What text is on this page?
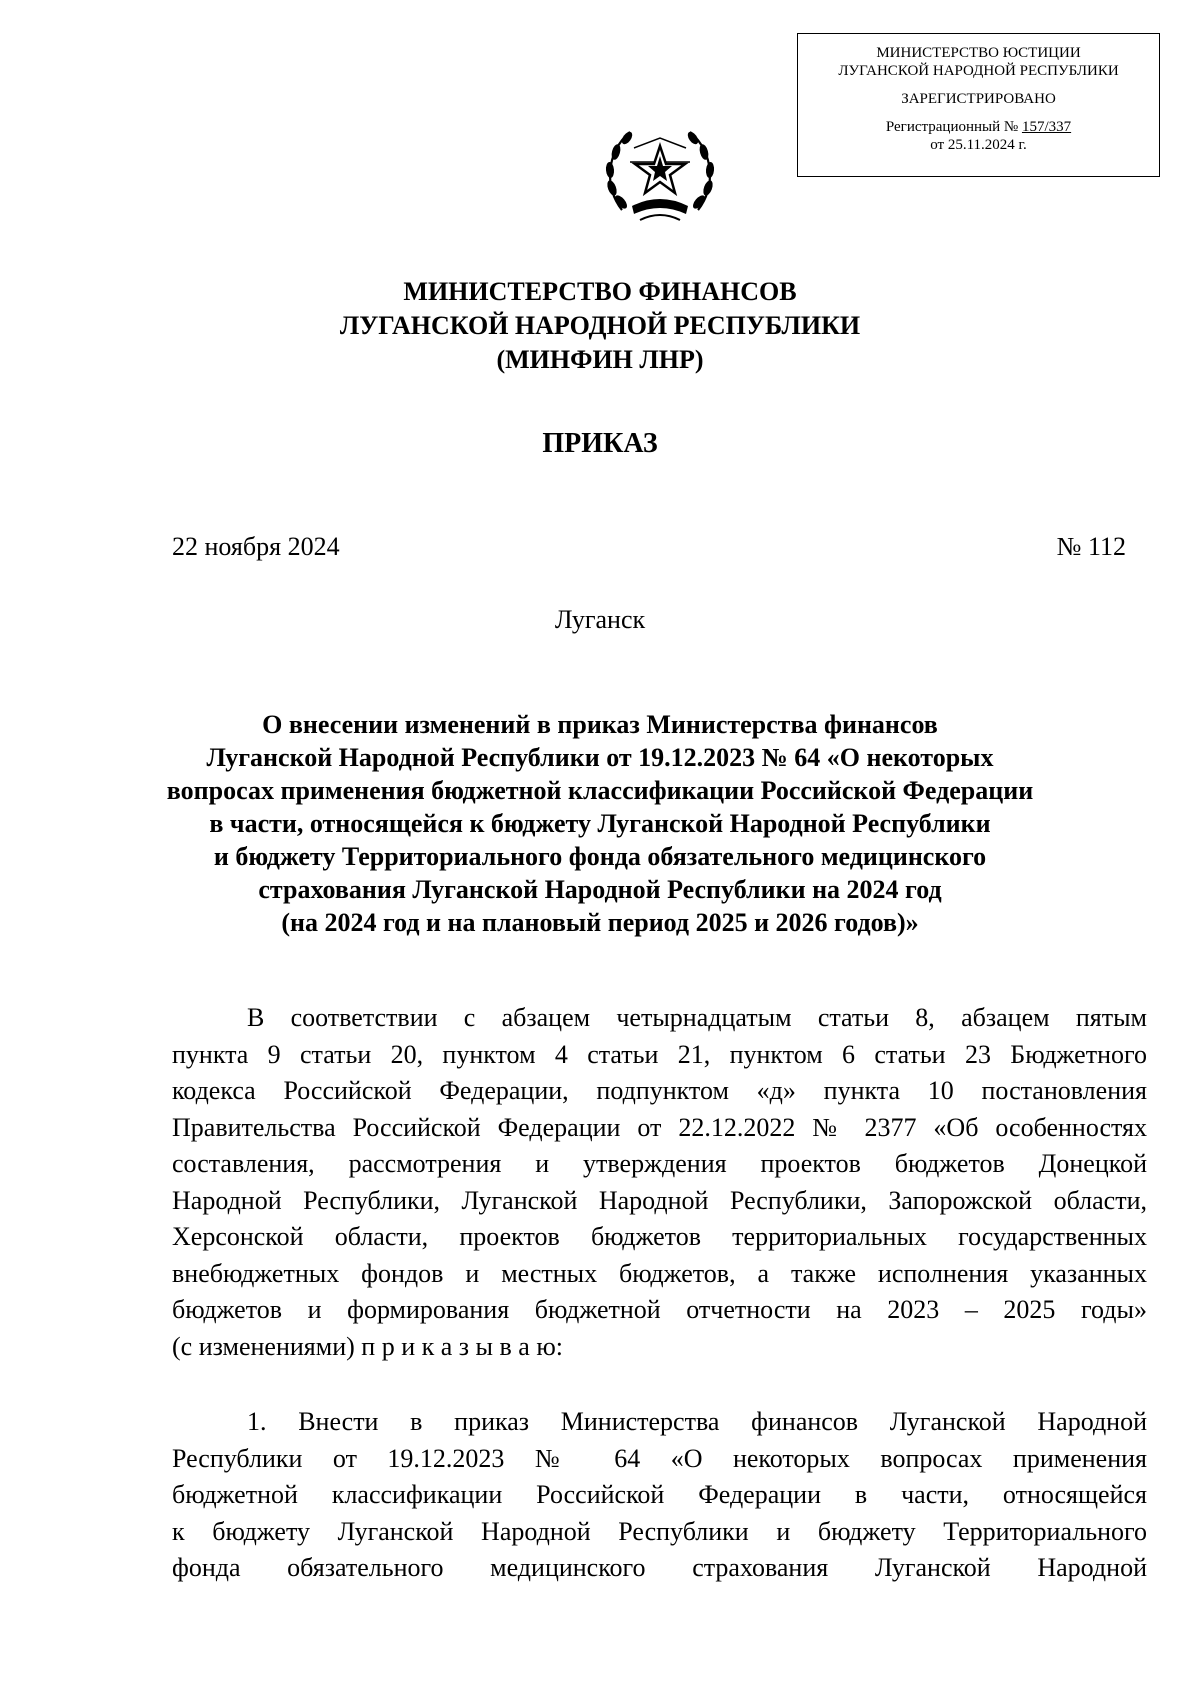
МИНИСТЕРСТВО ЮСТИЦИИ
ЛУГАНСКОЙ НАРОДНОЙ РЕСПУБЛИКИ
ЗАРЕГИСТРИРОВАНО
Регистрационный № 157/337
от 25.11.2024 г.
МИНИСТЕРСТВО ФИНАНСОВ
ЛУГАНСКОЙ НАРОДНОЙ РЕСПУБЛИКИ
(МИНФИН ЛНР)
ПРИКАЗ
22 ноября 2024	№ 112
Луганск
О внесении изменений в приказ Министерства финансов
Луганской Народной Республики от 19.12.2023 № 64 «О некоторых
вопросах применения бюджетной классификации Российской Федерации
в части, относящейся к бюджету Луганской Народной Республики
и бюджету Территориального фонда обязательного медицинского
страхования Луганской Народной Республики на 2024 год
(на 2024 год и на плановый период 2025 и 2026 годов)»
В соответствии с абзацем четырнадцатым статьи 8, абзацем пятым
пункта 9 статьи 20, пунктом 4 статьи 21, пунктом 6 статьи 23 Бюджетного
кодекса Российской Федерации, подпунктом «д» пункта 10 постановления
Правительства Российской Федерации от 22.12.2022 № 2377 «Об особенностях
составления, рассмотрения и утверждения проектов бюджетов Донецкой
Народной Республики, Луганской Народной Республики, Запорожской области,
Херсонской области, проектов бюджетов территориальных государственных
внебюджетных фондов и местных бюджетов, а также исполнения указанных
бюджетов и формирования бюджетной отчетности на 2023 – 2025 годы»
(с изменениями) п р и к а з ы в а ю:
1. Внести в приказ Министерства финансов Луганской Народной
Республики от 19.12.2023 № 64 «О некоторых вопросах применения
бюджетной классификации Российской Федерации в части, относящейся
к бюджету Луганской Народной Республики и бюджету Территориального
фонда обязательного медицинского страхования Луганской Народной
